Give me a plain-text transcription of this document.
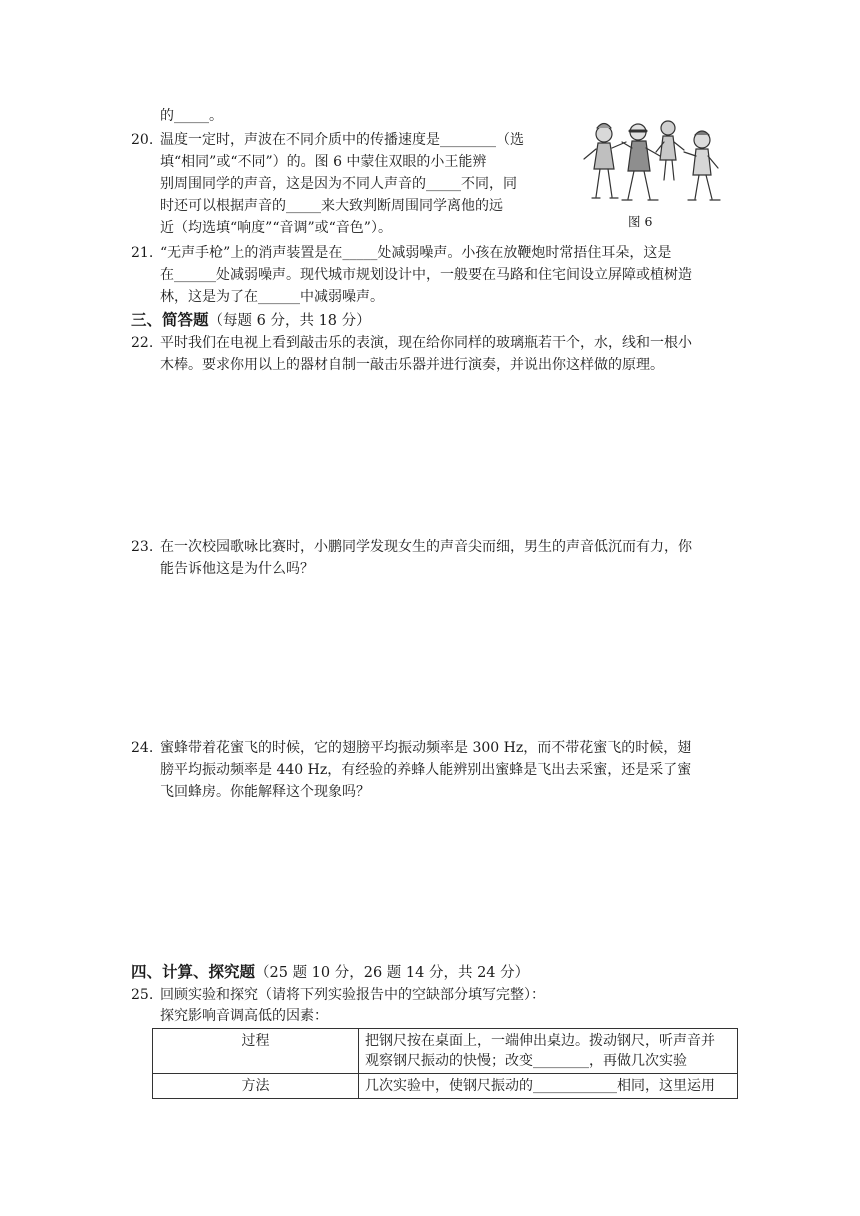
的_____。
20. 温度一定时，声波在不同介质中的传播速度是________（选
填“相同”或“不同”）的。图 6 中蒙住双眼的小王能辨
别周围同学的声音，这是因为不同人声音的_____不同，同
时还可以根据声音的_____来大致判断周围同学离他的远
近（均选填“响度”“音调”或“音色”）。	图 6
21. “无声手枪”上的消声装置是在_____处减弱噪声。小孩在放鞭炮时常捂住耳朵，这是
在______处减弱噪声。现代城市规划设计中，一般要在马路和住宅间设立屏障或植树造
林，这是为了在______中减弱噪声。
三、简答题（每题 6 分，共 18 分）
22. 平时我们在电视上看到敲击乐的表演，现在给你同样的玻璃瓶若干个，水，线和一根小
木棒。要求你用以上的器材自制一敲击乐器并进行演奏，并说出你这样做的原理。
23. 在一次校园歌咏比赛时，小鹏同学发现女生的声音尖而细，男生的声音低沉而有力，你
能告诉他这是为什么吗？
24. 蜜蜂带着花蜜飞的时候，它的翅膀平均振动频率是 300 Hz，而不带花蜜飞的时候，翅
膀平均振动频率是 440 Hz，有经验的养蜂人能辨别出蜜蜂是飞出去采蜜，还是采了蜜
飞回蜂房。你能解释这个现象吗？
四、计算、探究题（25 题 10 分，26 题 14 分，共 24 分）
25. 回顾实验和探究（请将下列实验报告中的空缺部分填写完整）：
探究影响音调高低的因素：
过程	把钢尺按在桌面上，一端伸出桌边。拨动钢尺，听声音并
观察钢尺振动的快慢；改变________，再做几次实验

方法	几次实验中，使钢尺振动的____________相同，这里运用
